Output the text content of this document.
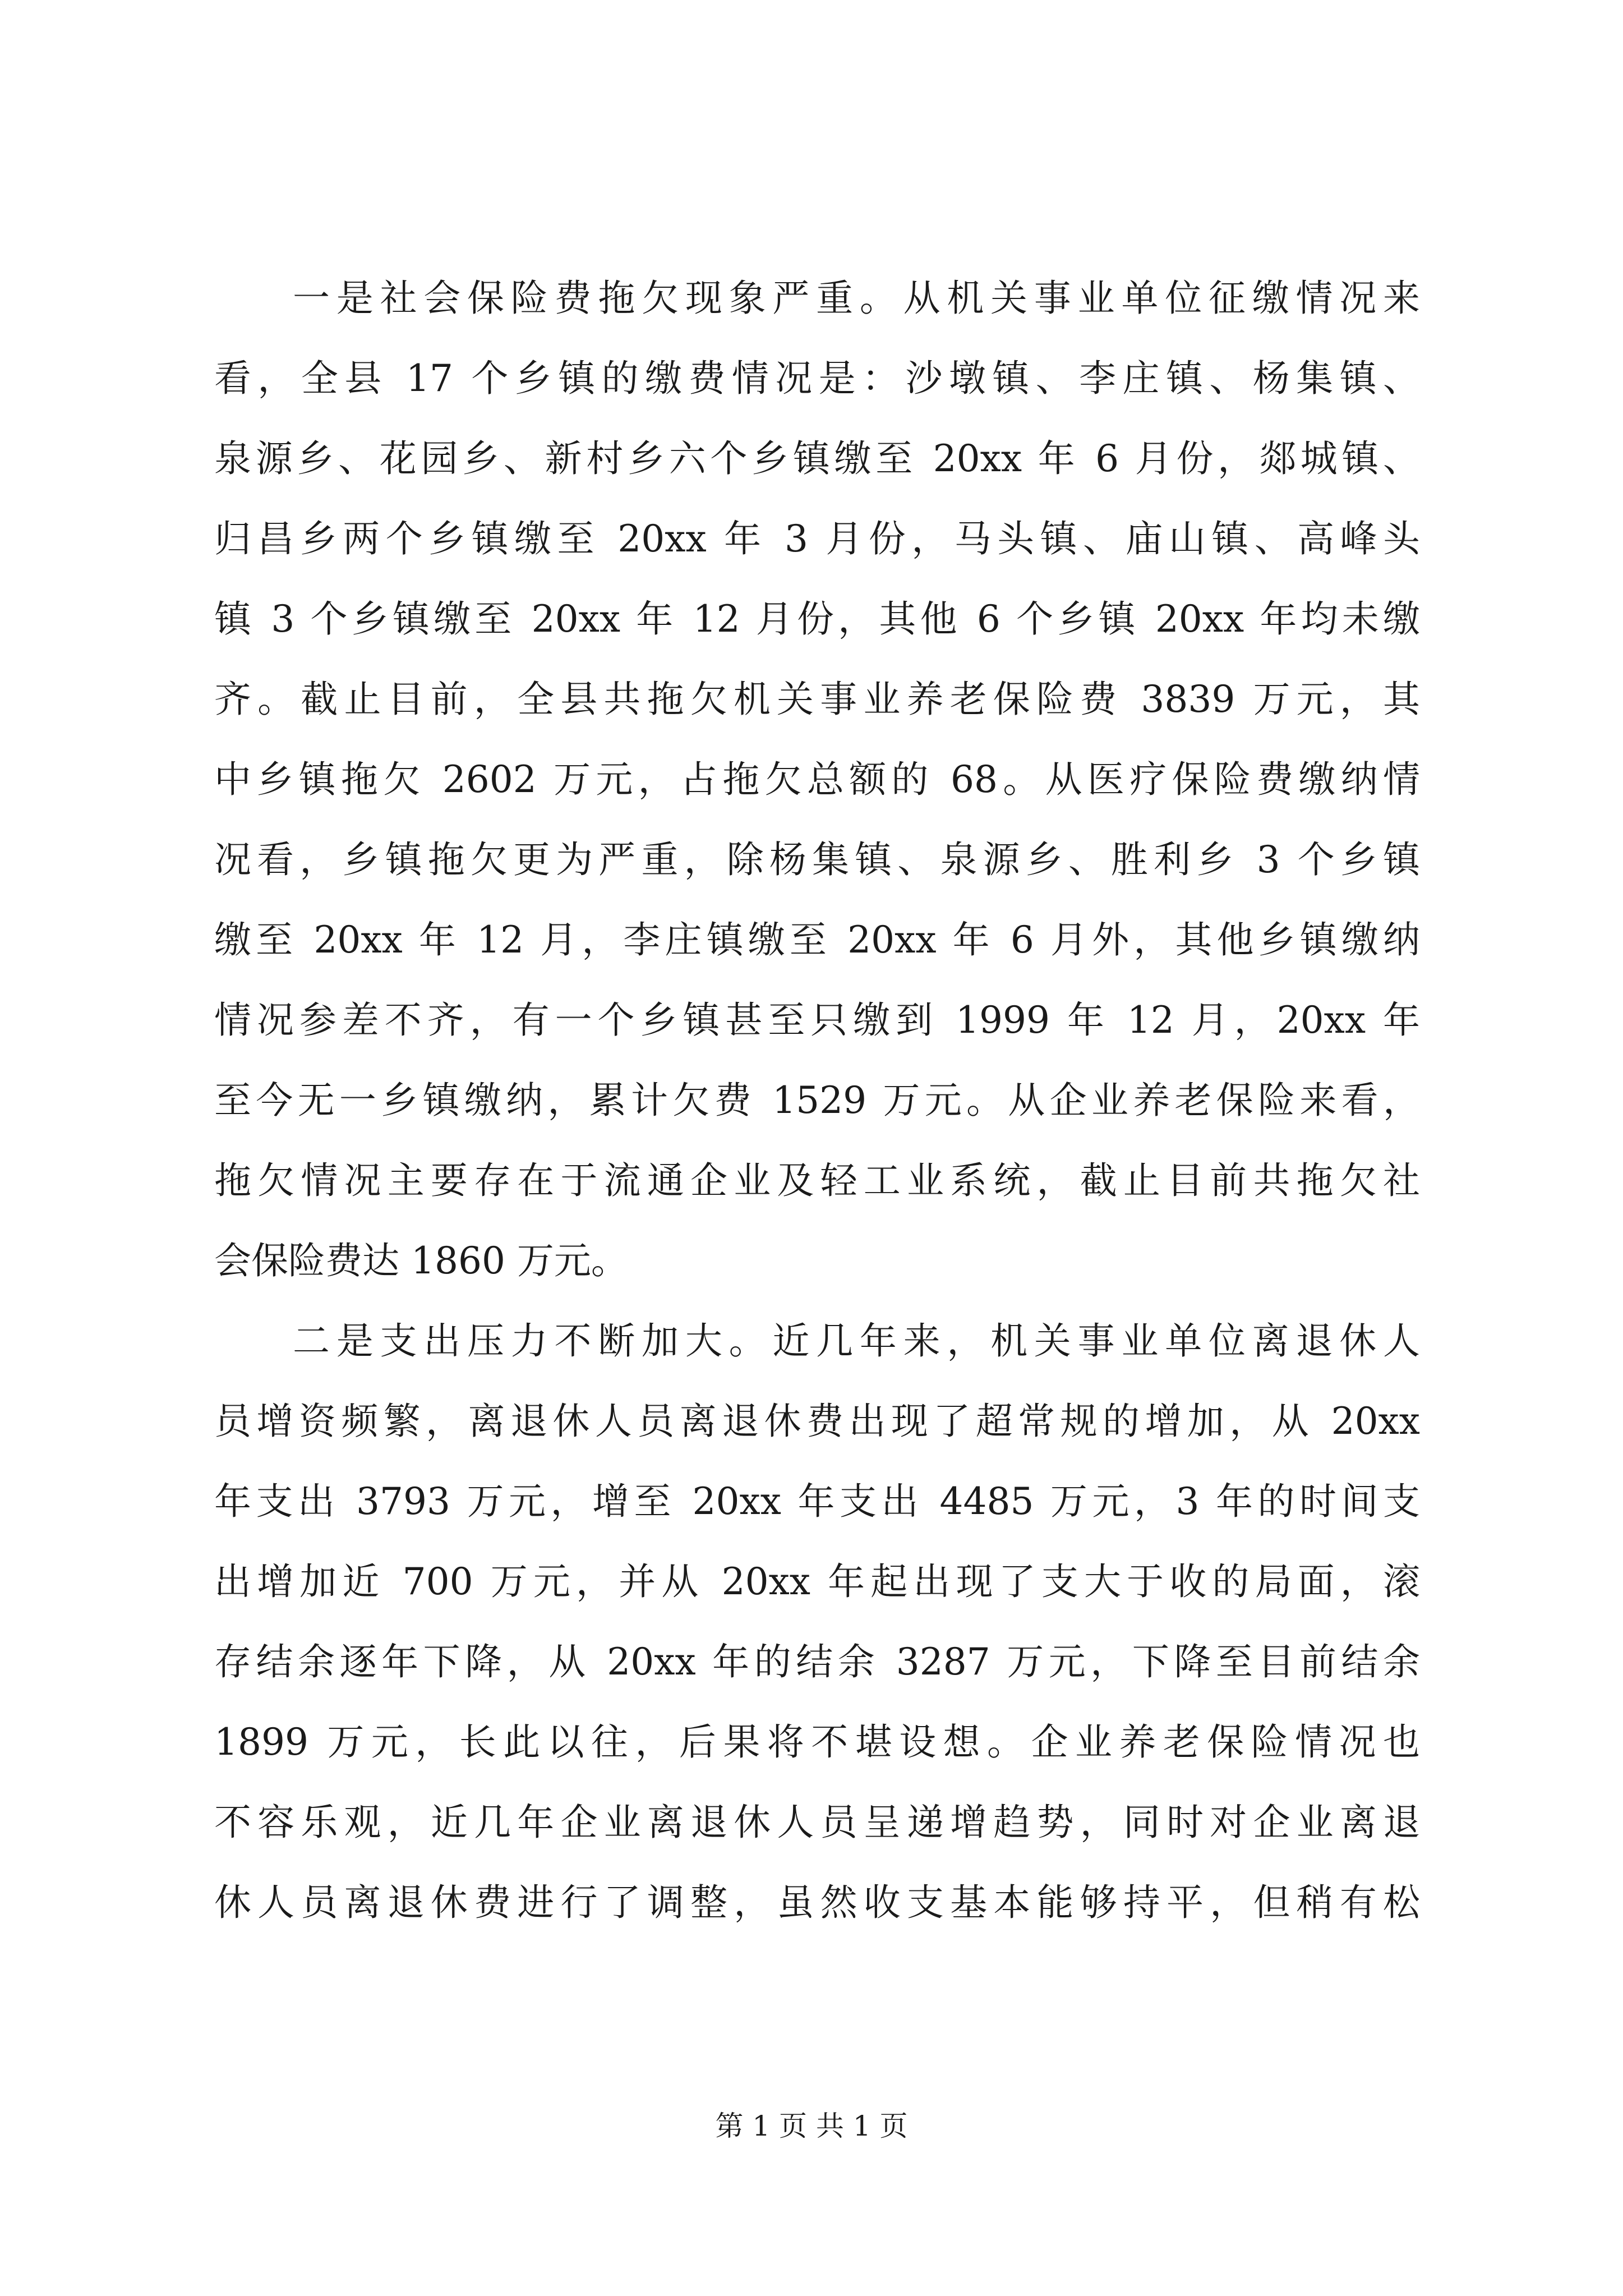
一是社会保险费拖欠现象严重。从机关事业单位征缴情况来
看，全县 17 个乡镇的缴费情况是：沙墩镇、李庄镇、杨集镇、
泉源乡、花园乡、新村乡六个乡镇缴至 20xx 年 6 月份，郯城镇、
归昌乡两个乡镇缴至 20xx 年 3 月份，马头镇、庙山镇、高峰头
镇 3 个乡镇缴至 20xx 年 12 月份，其他 6 个乡镇 20xx 年均未缴
齐。截止目前，全县共拖欠机关事业养老保险费 3839 万元，其
中乡镇拖欠 2602 万元，占拖欠总额的 68。从医疗保险费缴纳情
况看，乡镇拖欠更为严重，除杨集镇、泉源乡、胜利乡 3 个乡镇
缴至 20xx 年 12 月，李庄镇缴至 20xx 年 6 月外，其他乡镇缴纳
情况参差不齐，有一个乡镇甚至只缴到 1999 年 12 月，20xx 年
至今无一乡镇缴纳，累计欠费 1529 万元。从企业养老保险来看，
拖欠情况主要存在于流通企业及轻工业系统，截止目前共拖欠社
会保险费达 1860 万元。
二是支出压力不断加大。近几年来，机关事业单位离退休人
员增资频繁，离退休人员离退休费出现了超常规的增加，从 20xx
年支出 3793 万元，增至 20xx 年支出 4485 万元，3 年的时间支
出增加近 700 万元，并从 20xx 年起出现了支大于收的局面，滚
存结余逐年下降，从 20xx 年的结余 3287 万元，下降至目前结余
1899 万元，长此以往，后果将不堪设想。企业养老保险情况也
不容乐观，近几年企业离退休人员呈递增趋势，同时对企业离退
休人员离退休费进行了调整，虽然收支基本能够持平，但稍有松
第 1 页 共 1 页
